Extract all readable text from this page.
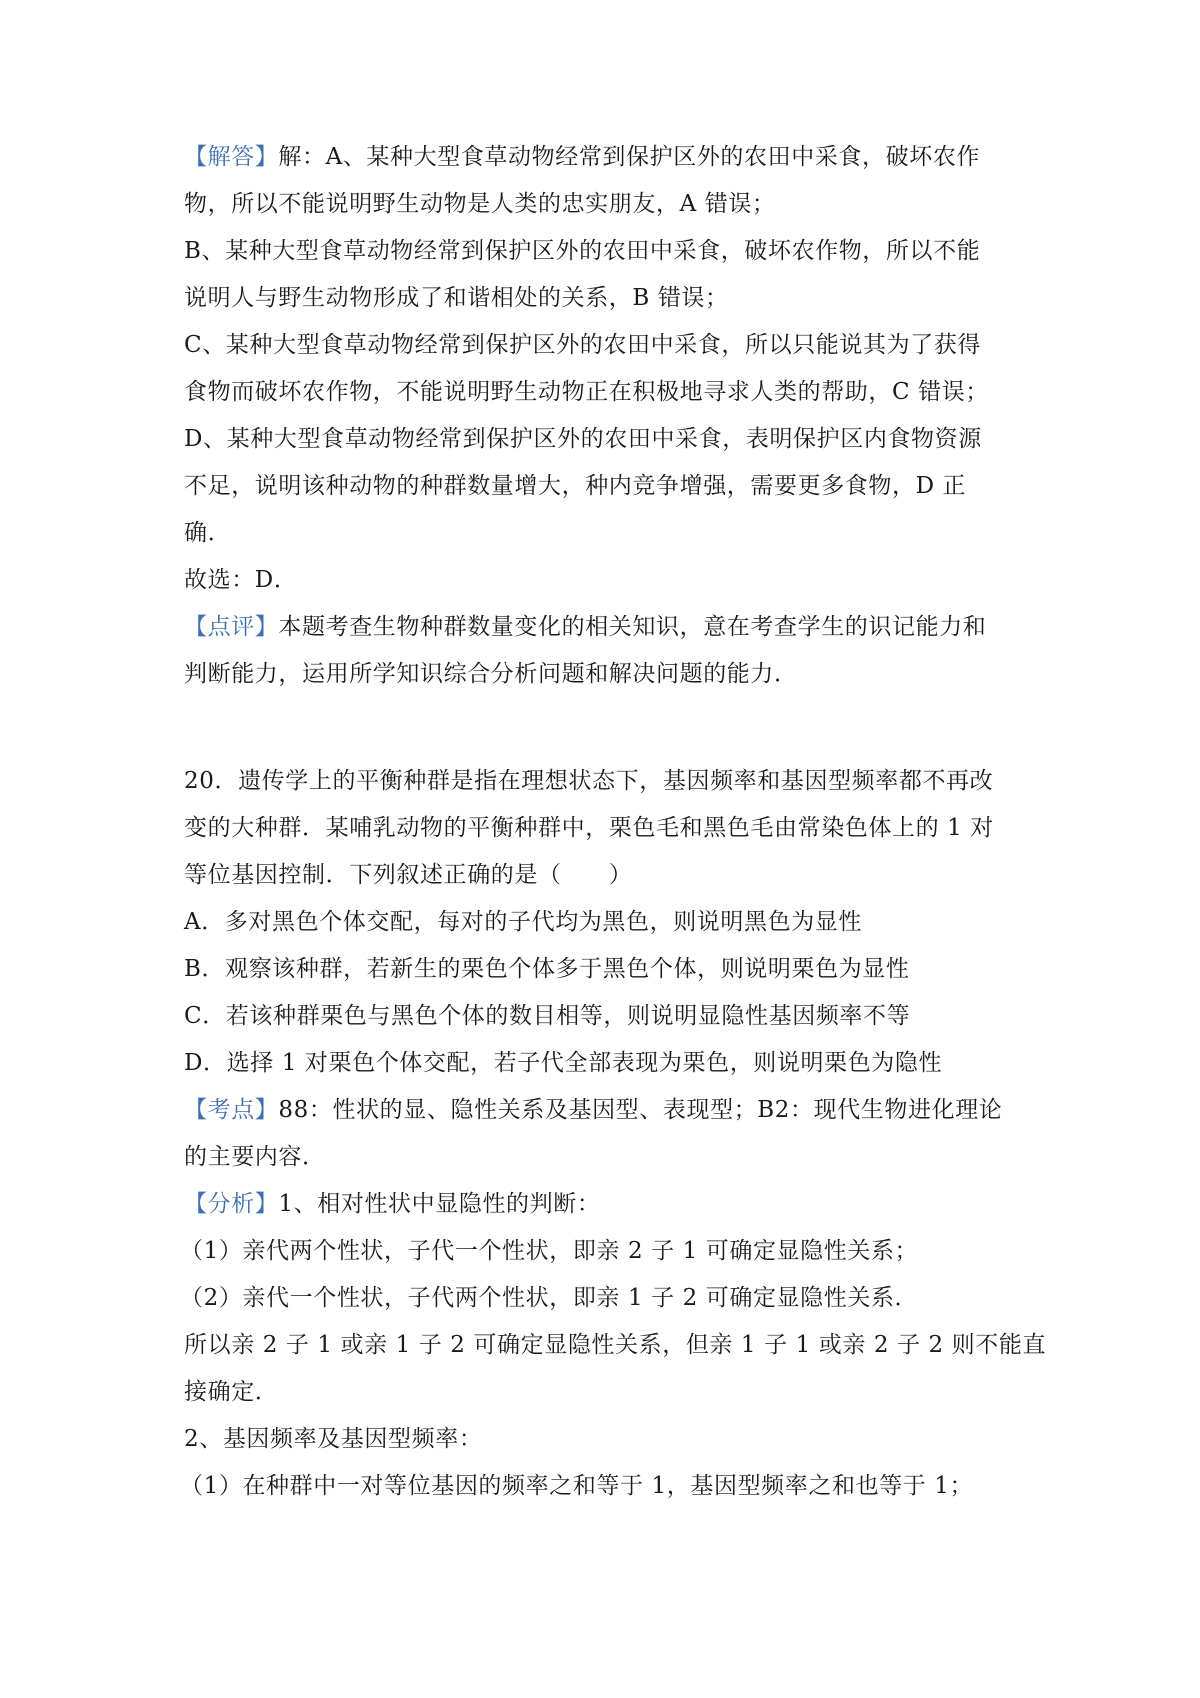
【解答】解：A、某种大型食草动物经常到保护区外的农田中采食，破坏农作
物，所以不能说明野生动物是人类的忠实朋友，A 错误；
B、某种大型食草动物经常到保护区外的农田中采食，破坏农作物，所以不能
说明人与野生动物形成了和谐相处的关系，B 错误；
C、某种大型食草动物经常到保护区外的农田中采食，所以只能说其为了获得
食物而破坏农作物，不能说明野生动物正在积极地寻求人类的帮助，C 错误；
D、某种大型食草动物经常到保护区外的农田中采食，表明保护区内食物资源
不足，说明该种动物的种群数量增大，种内竞争增强，需要更多食物，D 正
确．
故选：D．
【点评】本题考查生物种群数量变化的相关知识，意在考查学生的识记能力和
判断能力，运用所学知识综合分析问题和解决问题的能力．
20．遗传学上的平衡种群是指在理想状态下，基因频率和基因型频率都不再改
变的大种群．某哺乳动物的平衡种群中，栗色毛和黑色毛由常染色体上的 1 对
等位基因控制．下列叙述正确的是（　　）
A．多对黑色个体交配，每对的子代均为黑色，则说明黑色为显性
B．观察该种群，若新生的栗色个体多于黑色个体，则说明栗色为显性
C．若该种群栗色与黑色个体的数目相等，则说明显隐性基因频率不等
D．选择 1 对栗色个体交配，若子代全部表现为栗色，则说明栗色为隐性
【考点】88：性状的显、隐性关系及基因型、表现型；B2：现代生物进化理论
的主要内容．
【分析】1、相对性状中显隐性的判断：
（1）亲代两个性状，子代一个性状，即亲 2 子 1 可确定显隐性关系；
（2）亲代一个性状，子代两个性状，即亲 1 子 2 可确定显隐性关系．
所以亲 2 子 1 或亲 1 子 2 可确定显隐性关系，但亲 1 子 1 或亲 2 子 2 则不能直
接确定．
2、基因频率及基因型频率：
（1）在种群中一对等位基因的频率之和等于 1，基因型频率之和也等于 1；
